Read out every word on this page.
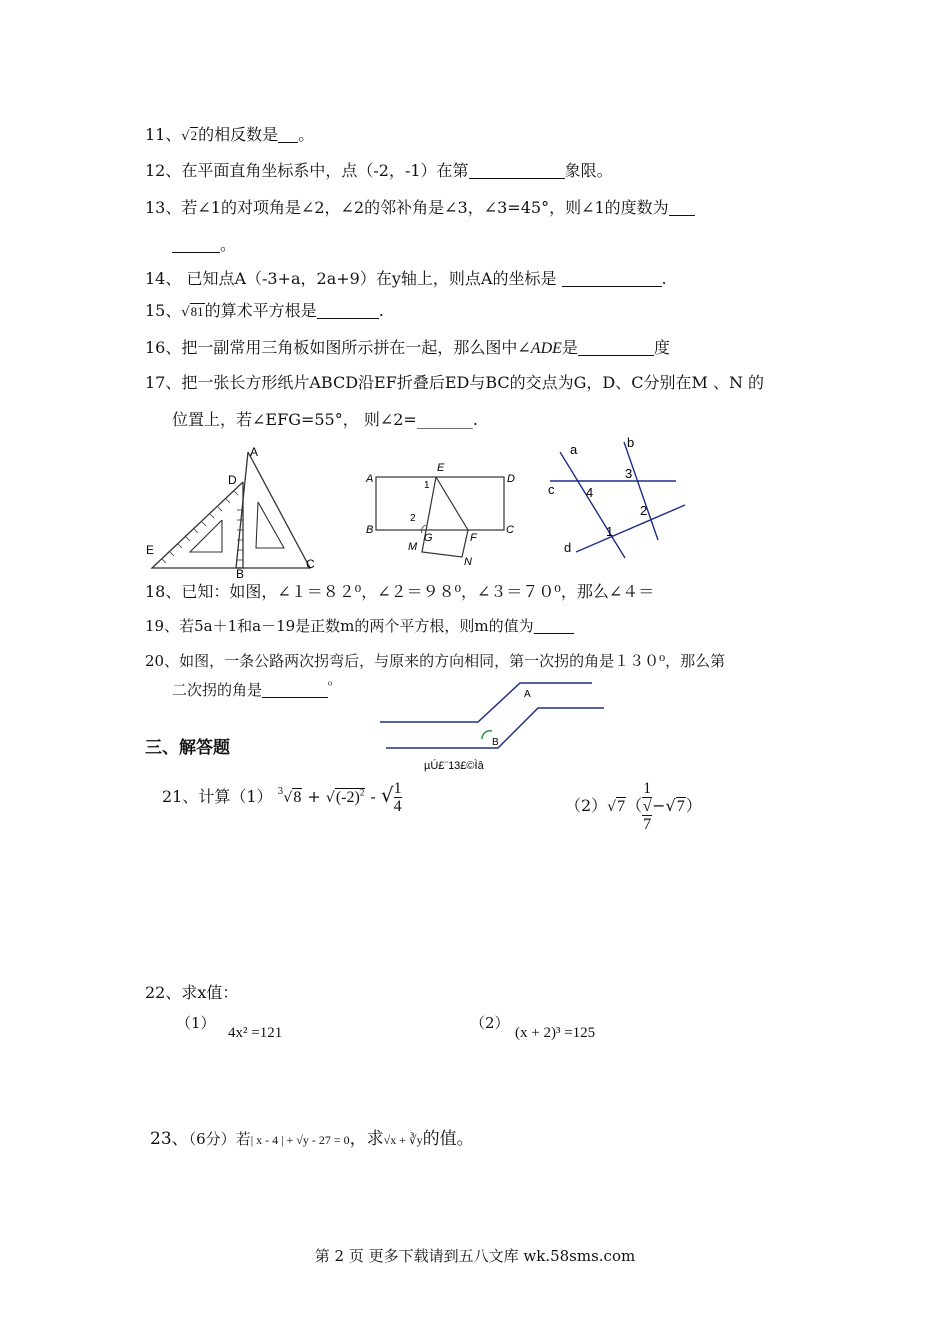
11、√2的相反数是 。
12、在平面直角坐标系中，点（-2，-1）在第	象限。
13、若∠1的对项角是∠2，∠2的邻补角是∠3，∠3=45°，则∠1的度数为
。
14、 已知点A（-3+a，2a+9）在y轴上，则点A的坐标是	.
15、√81的算术平方根是	.
16、把一副常用三角板如图所示拼在一起，那么图中∠ADE是	度
17、把一张长方形纸片ABCD沿EF折叠后ED与BC的交点为G，D、C分别在M 、N 的
位置上，若∠EFG=55°， 则∠2=_______.
A
D
E
B
C
A
E
D
1
B
2
G	F
C
M
N
a	b
3
c 4
2
1
d
18、已知：如图，∠１＝８２⁰，∠２＝９８⁰，∠３＝７０⁰，那么∠４＝
19、若5a＋1和a－19是正数m的两个平方根，则m的值为
20、如图，一条公路两次拐弯后，与原来的方向相同，第一次拐的角是１３０⁰，那么第
二次拐的角是	$^{^0}$
A
B
µÚ£¨13£©Ìâ
三、解答题
21、计算（1） $^3√8 + √(-2)^2$ - √ $\frac{1}{4}$	（2）√7（ 1
√
7 −√7）
22、求x值：
（1）
4x² =121
（2）
(x + 2)³ =125
23、（6分）若| x - 4 | + √y - 27 = 0，求√x + ∛y的值。
第 2 页 更多下载请到五八文库 wk.58sms.com
